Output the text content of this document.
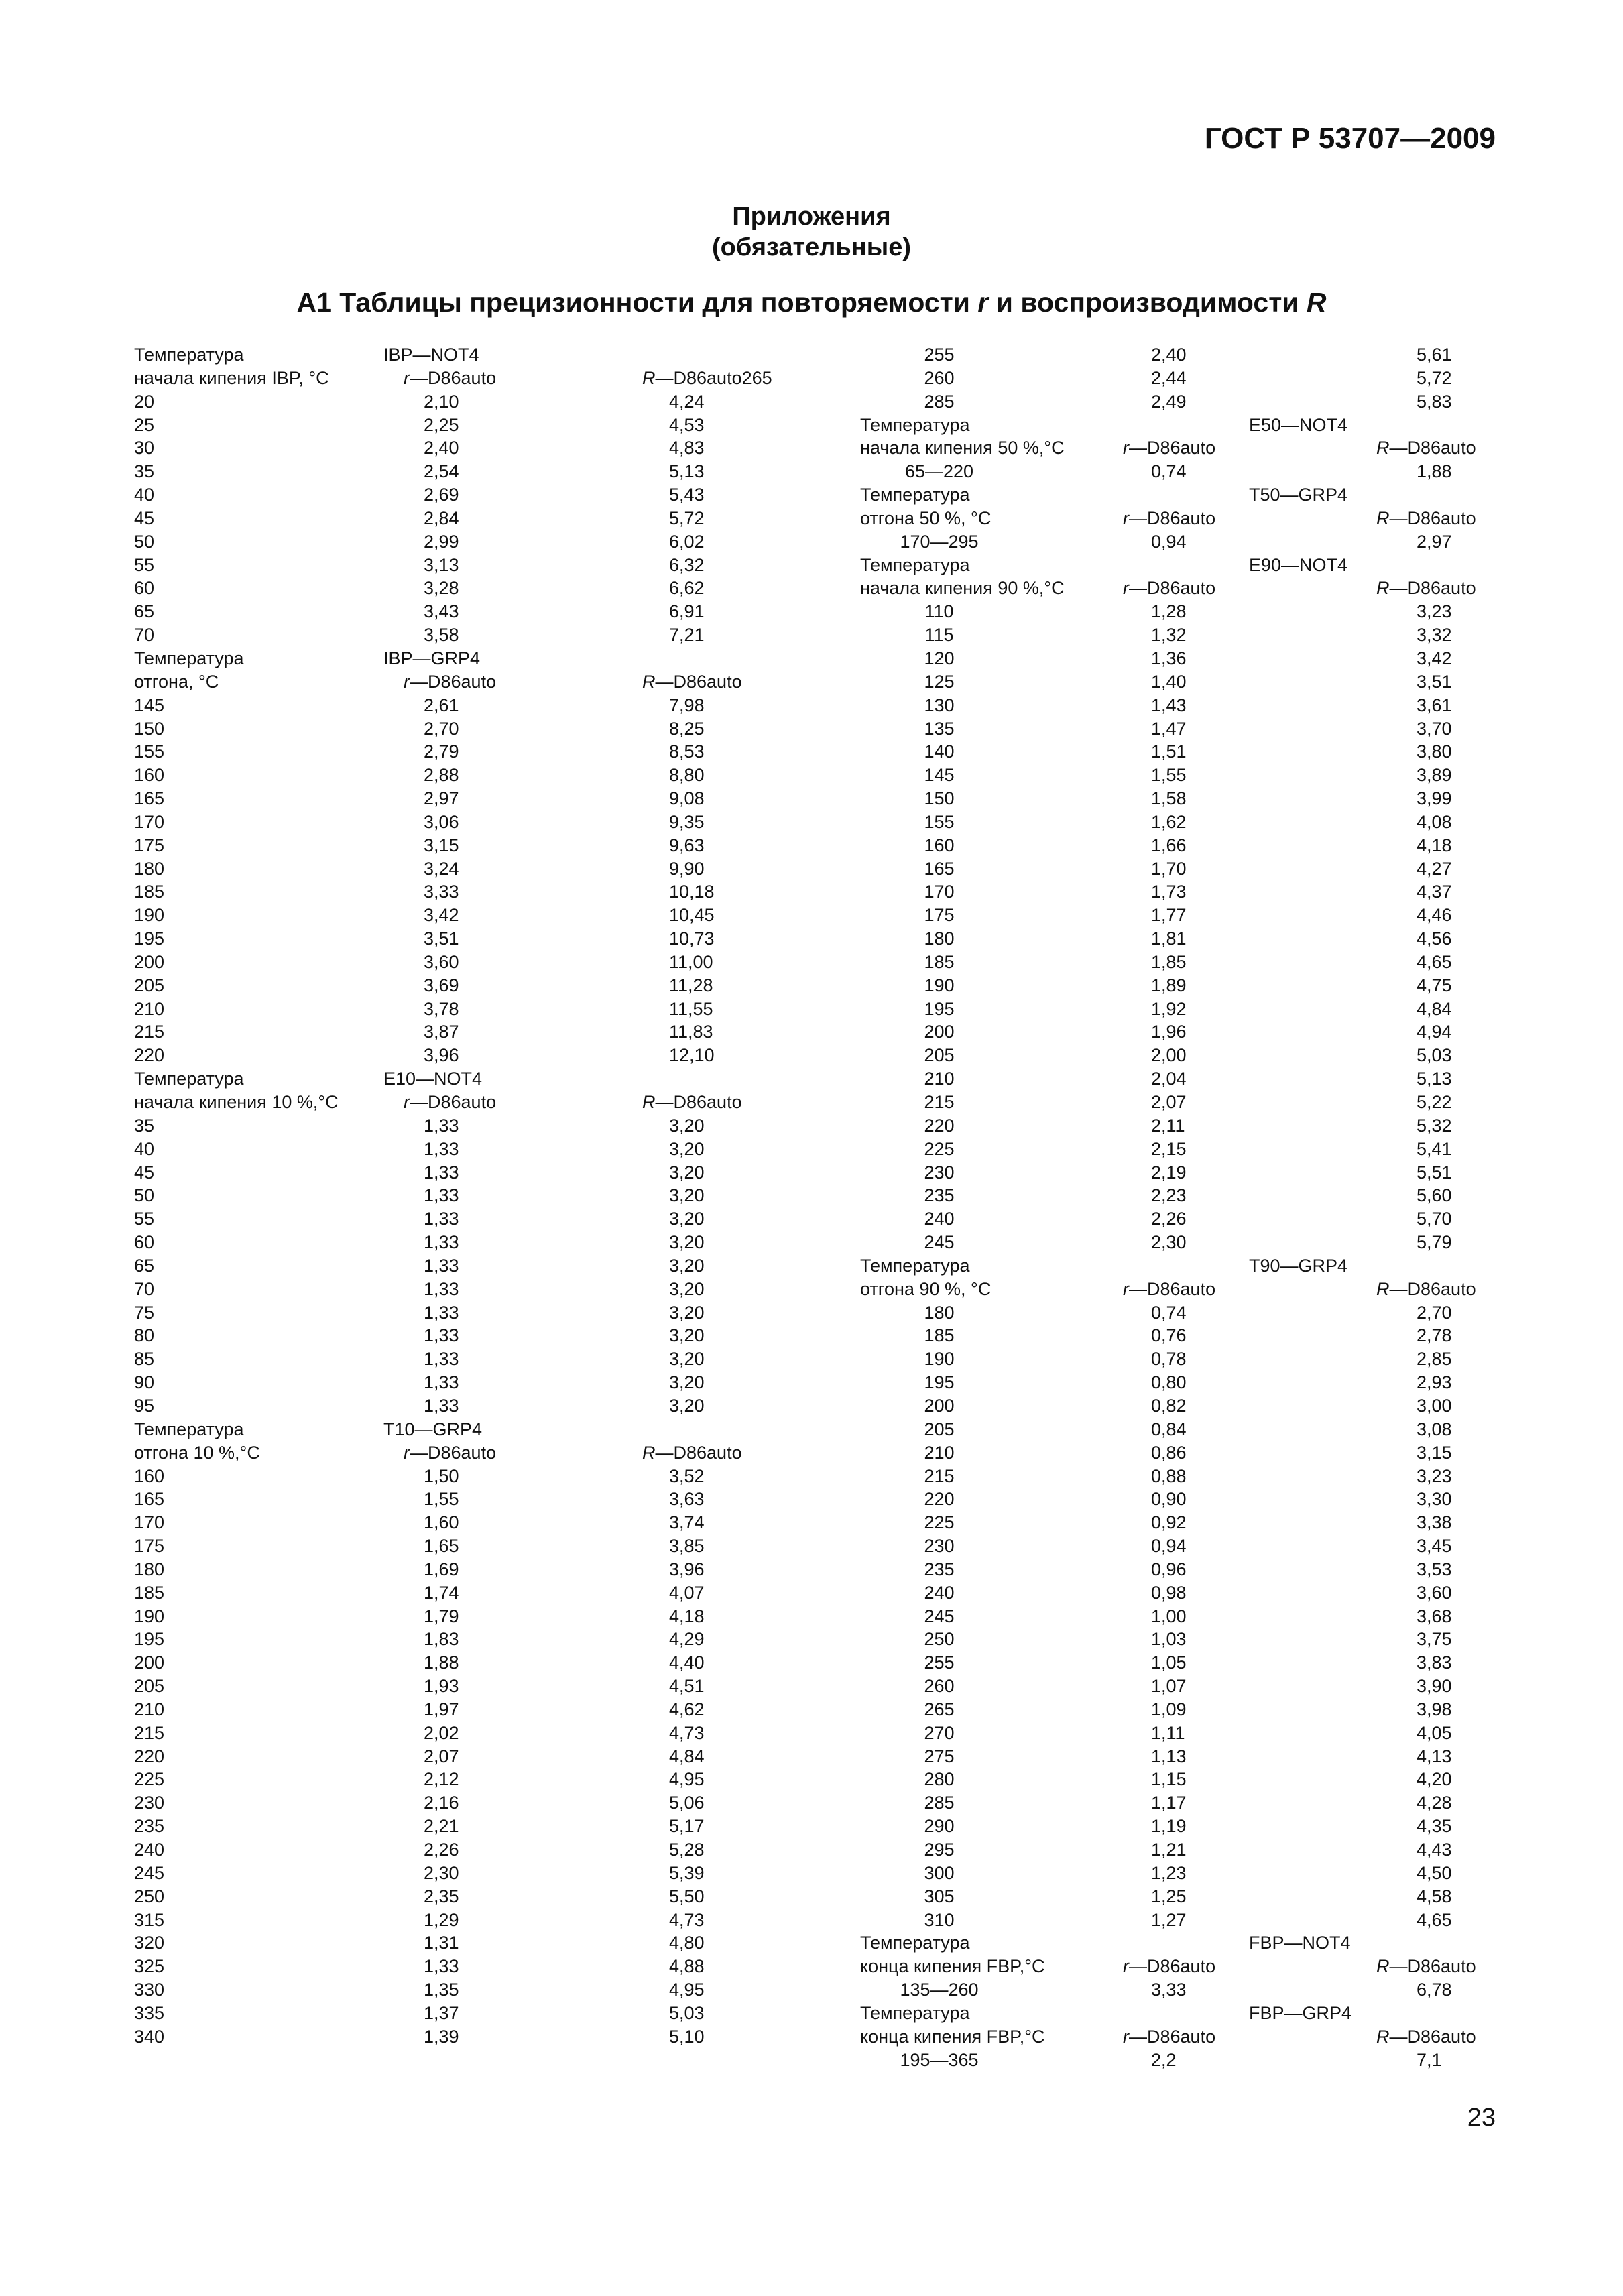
ГОСТ Р 53707—2009
Приложения
(обязательные)
А1 Таблицы прецизионности для повторяемости r и воспроизводимости R
Температура	IBP—NOT4
начала кипения IBP, °C	r—D86auto	R—D86auto265
20	2,10	4,24
25	2,25	4,53
30	2,40	4,83
35	2,54	5,13
40	2,69	5,43
45	2,84	5,72
50	2,99	6,02
55	3,13	6,32
60	3,28	6,62
65	3,43	6,91
70	3,58	7,21
Температура	IBP—GRP4
отгона, °C	r—D86auto	R—D86auto
145	2,61	7,98
150	2,70	8,25
155	2,79	8,53
160	2,88	8,80
165	2,97	9,08
170	3,06	9,35
175	3,15	9,63
180	3,24	9,90
185	3,33	10,18
190	3,42	10,45
195	3,51	10,73
200	3,60	11,00
205	3,69	11,28
210	3,78	11,55
215	3,87	11,83
220	3,96	12,10
Температура	E10—NOT4
начала кипения 10 %,°C	r—D86auto	R—D86auto
35	1,33	3,20
40	1,33	3,20
45	1,33	3,20
50	1,33	3,20
55	1,33	3,20
60	1,33	3,20
65	1,33	3,20
70	1,33	3,20
75	1,33	3,20
80	1,33	3,20
85	1,33	3,20
90	1,33	3,20
95	1,33	3,20
Температура	T10—GRP4
отгона 10 %,°C	r—D86auto	R—D86auto
160	1,50	3,52
165	1,55	3,63
170	1,60	3,74
175	1,65	3,85
180	1,69	3,96
185	1,74	4,07
190	1,79	4,18
195	1,83	4,29
200	1,88	4,40
205	1,93	4,51
210	1,97	4,62
215	2,02	4,73
220	2,07	4,84
225	2,12	4,95
230	2,16	5,06
235	2,21	5,17
240	2,26	5,28
245	2,30	5,39
250	2,35	5,50
315	1,29	4,73
320	1,31	4,80
325	1,33	4,88
330	1,35	4,95
335	1,37	5,03
340	1,39	5,10
255	2,40	5,61
260	2,44	5,72
285	2,49	5,83
Температура	E50—NOT4
начала кипения 50 %,°C	r—D86auto	R—D86auto
65—220	0,74	1,88
Температура	T50—GRP4
отгона 50 %, °C	r—D86auto	R—D86auto
170—295	0,94	2,97
Температура	E90—NOT4
начала кипения 90 %,°C	r—D86auto	R—D86auto
110	1,28	3,23
115	1,32	3,32
120	1,36	3,42
125	1,40	3,51
130	1,43	3,61
135	1,47	3,70
140	1,51	3,80
145	1,55	3,89
150	1,58	3,99
155	1,62	4,08
160	1,66	4,18
165	1,70	4,27
170	1,73	4,37
175	1,77	4,46
180	1,81	4,56
185	1,85	4,65
190	1,89	4,75
195	1,92	4,84
200	1,96	4,94
205	2,00	5,03
210	2,04	5,13
215	2,07	5,22
220	2,11	5,32
225	2,15	5,41
230	2,19	5,51
235	2,23	5,60
240	2,26	5,70
245	2,30	5,79
Температура	T90—GRP4
отгона 90 %, °C	r—D86auto	R—D86auto
180	0,74	2,70
185	0,76	2,78
190	0,78	2,85
195	0,80	2,93
200	0,82	3,00
205	0,84	3,08
210	0,86	3,15
215	0,88	3,23
220	0,90	3,30
225	0,92	3,38
230	0,94	3,45
235	0,96	3,53
240	0,98	3,60
245	1,00	3,68
250	1,03	3,75
255	1,05	3,83
260	1,07	3,90
265	1,09	3,98
270	1,11	4,05
275	1,13	4,13
280	1,15	4,20
285	1,17	4,28
290	1,19	4,35
295	1,21	4,43
300	1,23	4,50
305	1,25	4,58
310	1,27	4,65
Температура	FBP—NOT4
конца кипения FBP,°C	r—D86auto	R—D86auto
135—260	3,33	6,78
Температура	FBP—GRP4
конца кипения FBP,°C	r—D86auto	R—D86auto
195—365	2,2	7,1
23
